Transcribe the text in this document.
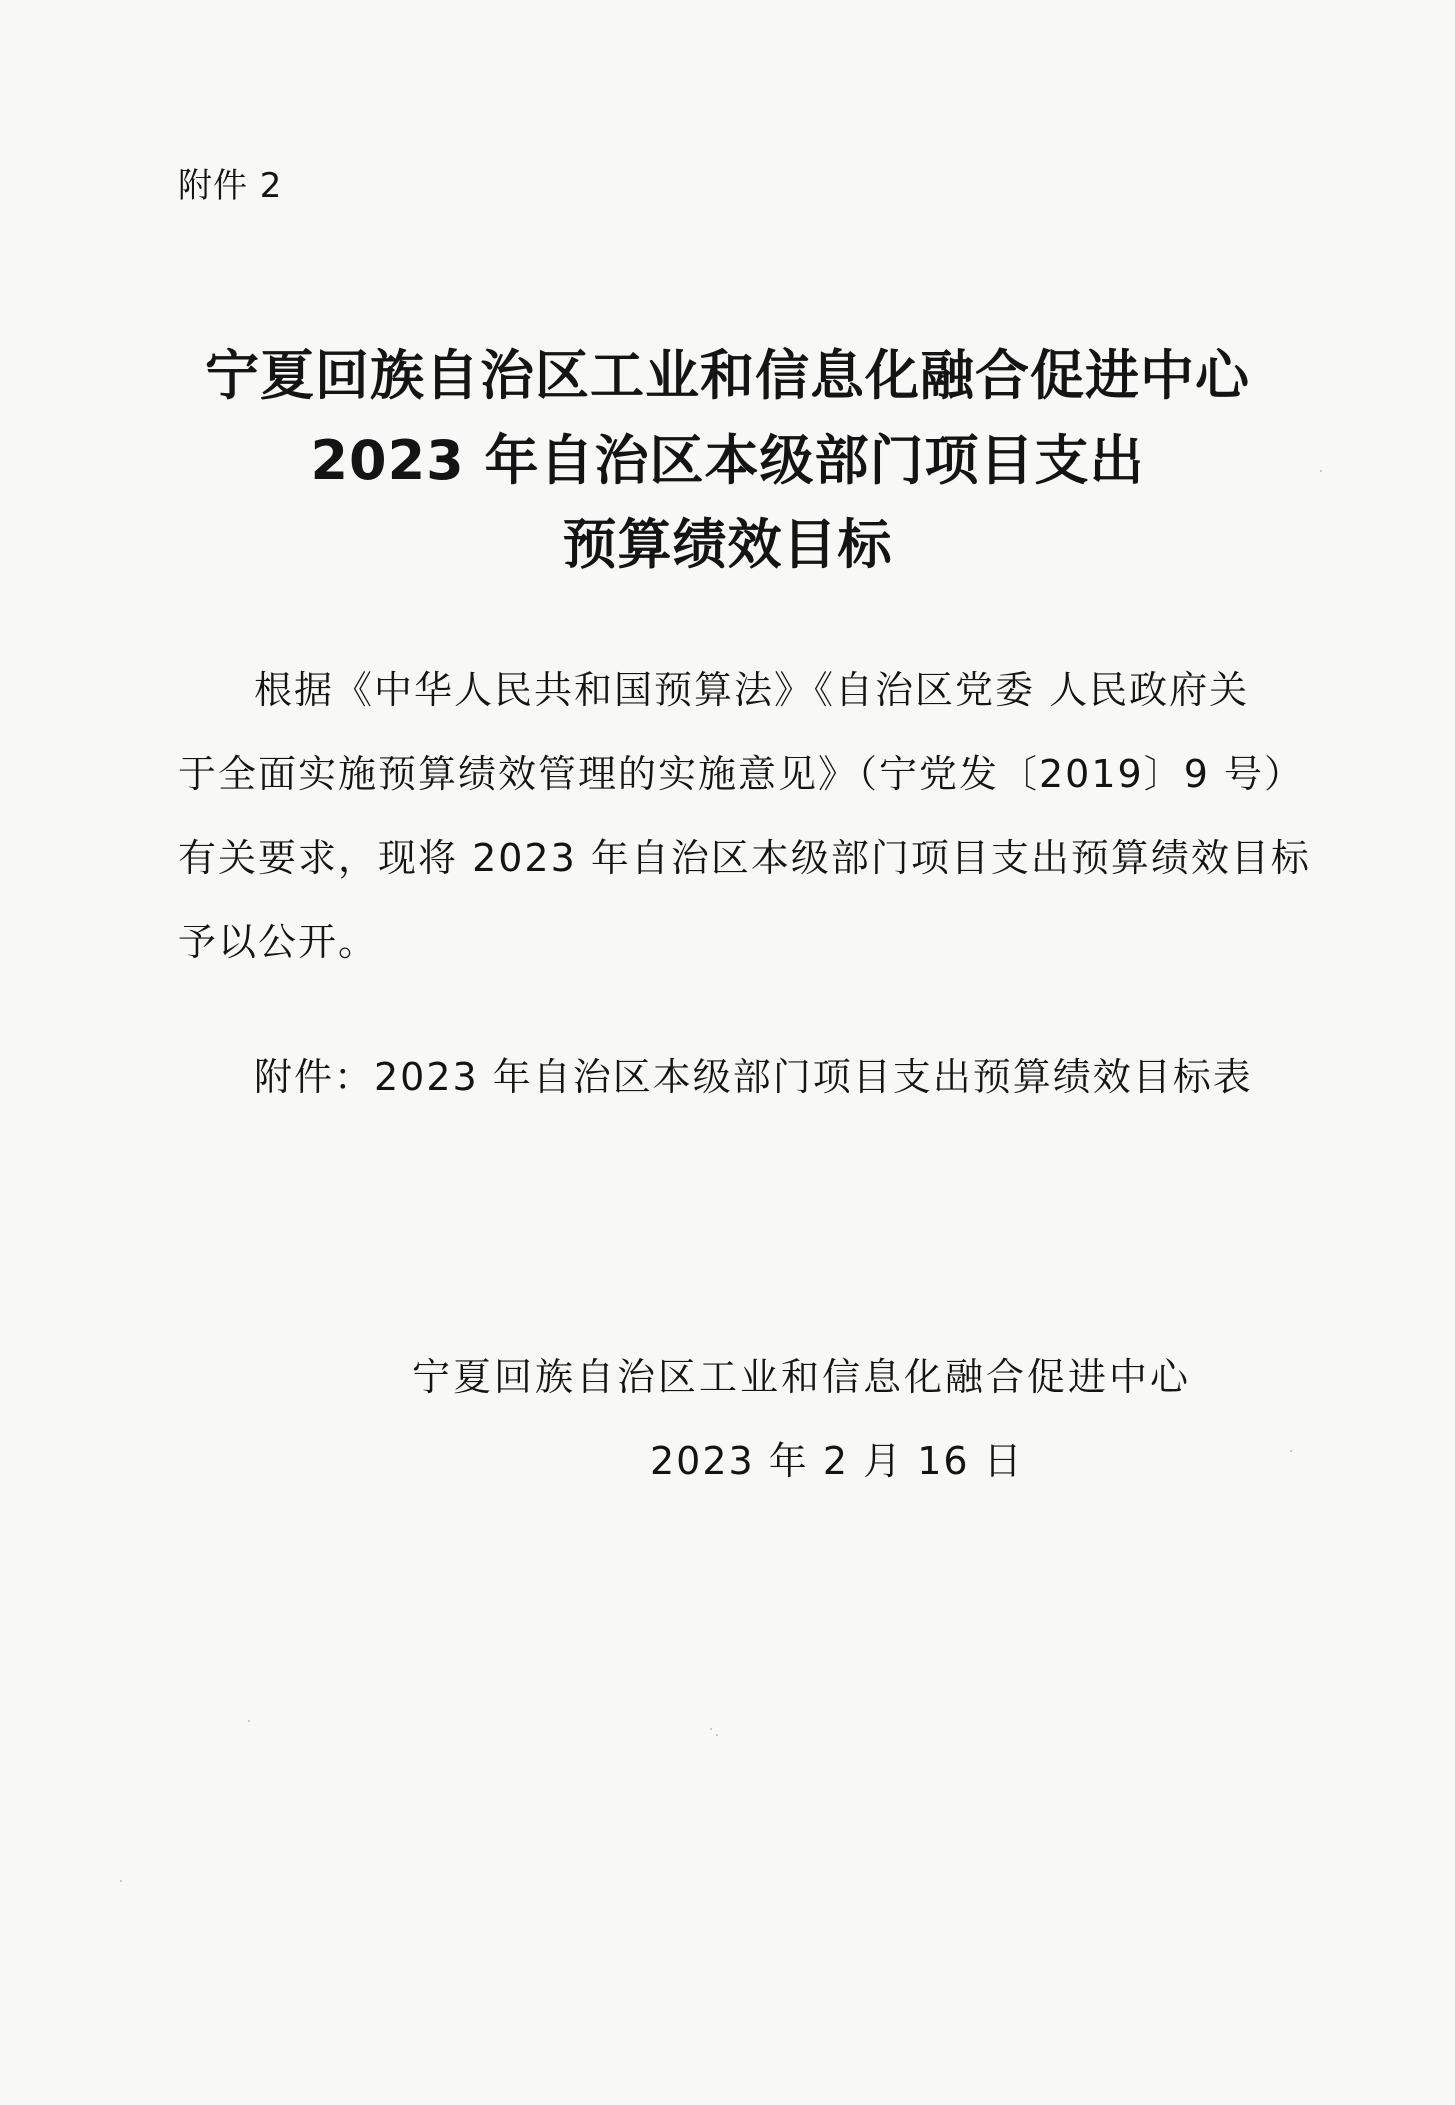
附件 2
宁夏回族自治区工业和信息化融合促进中心
2023 年自治区本级部门项目支出
预算绩效目标
根据《中华人民共和国预算法》《自治区党委 人民政府关
于全面实施预算绩效管理的实施意见》（宁党发〔2019〕9 号）
有关要求，现将 2023 年自治区本级部门项目支出预算绩效目标
予以公开。
附件：2023 年自治区本级部门项目支出预算绩效目标表
宁夏回族自治区工业和信息化融合促进中心
2023 年 2 月 16 日
